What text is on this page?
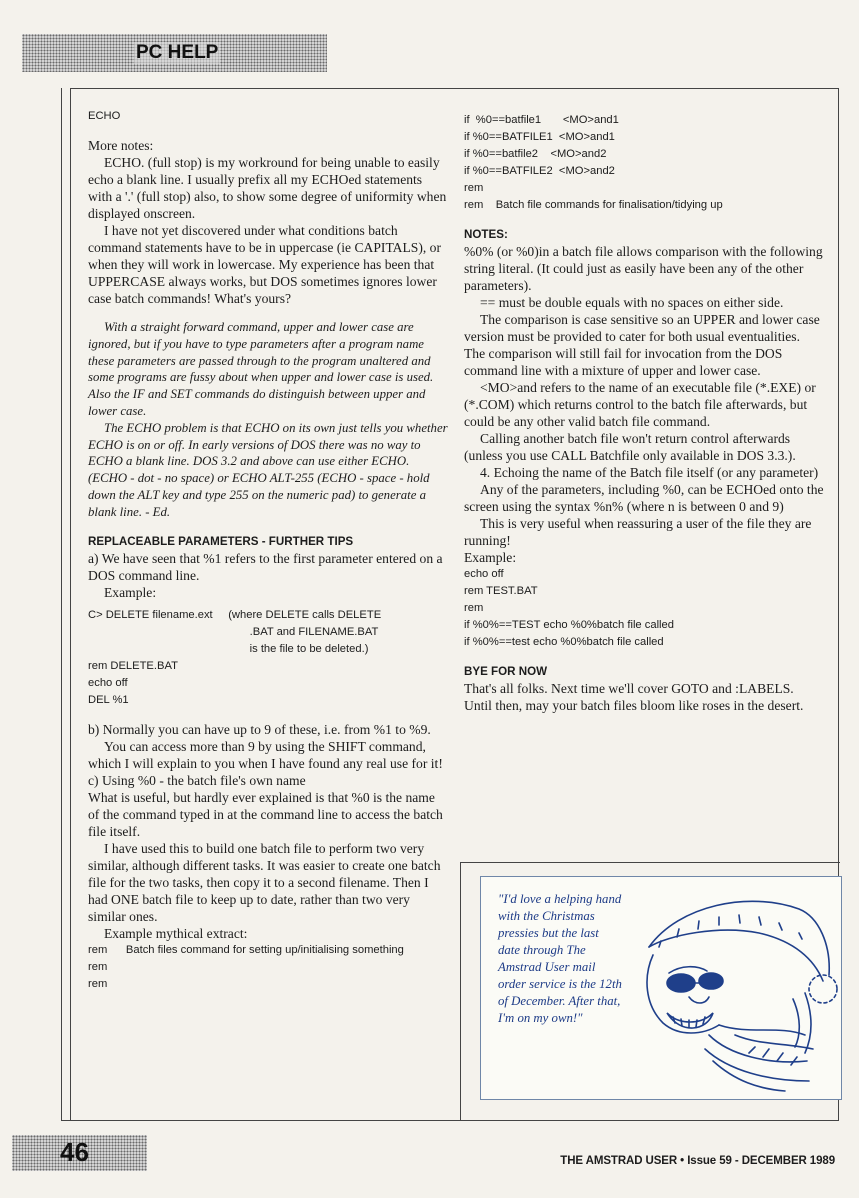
PC HELP

ECHO

More notes:

ECHO. (full stop) is my workround for being unable to easily echo a blank line. I usually prefix all my ECHOed statements with a '.' (full stop) also, to show some degree of uniformity when displayed onscreen.

I have not yet discovered under what conditions batch command statements have to be in uppercase (ie CAPITALS), or when they will work in lowercase. My experience has been that UPPERCASE always works, but DOS sometimes ignores lower case batch commands! What's yours?

With a straight forward command, upper and lower case are ignored, but if you have to type parameters after a program name these parameters are passed through to the program unaltered and some programs are fussy about when upper and lower case is used. Also the IF and SET commands do distinguish between upper and lower case.

The ECHO problem is that ECHO on its own just tells you whether ECHO is on or off. In early versions of DOS there was no way to ECHO a blank line. DOS 3.2 and above can use either ECHO. (ECHO - dot - no space) or ECHO ALT-255 (ECHO - space - hold down the ALT key and type 255 on the numeric pad) to generate a blank line. - Ed.

REPLACEABLE PARAMETERS - FURTHER TIPS

a) We have seen that %1 refers to the first parameter entered on a DOS command line.

Example:

C> DELETE filename.ext     (where DELETE calls DELETE

.BAT and FILENAME.BAT

is the file to be deleted.)

rem DELETE.BAT

echo off

DEL %1

b) Normally you can have up to 9 of these, i.e. from %1 to %9.

You can access more than 9 by using the SHIFT command, which I will explain to you when I have found any real use for it!

c) Using %0 - the batch file's own name

What is useful, but hardly ever explained is that %0 is the name of the command typed in at the command line to access the batch file itself.

I have used this to build one batch file to perform two very similar, although different tasks. It was easier to create one batch file for the two tasks, then copy it to a second filename. Then I had ONE batch file to keep up to date, rather than two very similar ones.

Example mythical extract:

rem      Batch files command for setting up/initialising something

rem

rem

if  %0==batfile1       <MO>and1

if %0==BATFILE1  <MO>and1

if %0==batfile2    <MO>and2

if %0==BATFILE2  <MO>and2

rem

rem    Batch file commands for finalisation/tidying up

NOTES:

%0% (or %0)in a batch file allows comparison with the following string literal. (It could just as easily have been any of the other parameters).

== must be double equals with no spaces on either side.

The comparison is case sensitive so an UPPER and lower case version must be provided to cater for both usual eventualities. The comparison will still fail for invocation from the DOS command line with a mixture of upper and lower case.

<MO>and refers to the name of an executable file (*.EXE) or (*.COM) which returns control to the batch file afterwards, but could be any other valid batch file command.

Calling another batch file won't return control afterwards (unless you use CALL Batchfile only available in DOS 3.3.).

4. Echoing the name of the Batch file itself (or any parameter)

Any of the parameters, including %0, can be ECHOed onto the screen using the syntax %n% (where n is between 0 and 9)

This is very useful when reassuring a user of the file they are running!

Example:

echo off

rem TEST.BAT

rem

if %0%==TEST echo %0%batch file called

if %0%==test echo %0%batch file called

BYE FOR NOW

That's all folks. Next time we'll cover GOTO and :LABELS. Until then, may your batch files bloom like roses in the desert.

"I'd love a helping hand with the Christmas pressies but the last date through The Amstrad User mail order service is the 12th of December. After that, I'm on my own!"
46	THE AMSTRAD USER • Issue 59 - DECEMBER 1989
